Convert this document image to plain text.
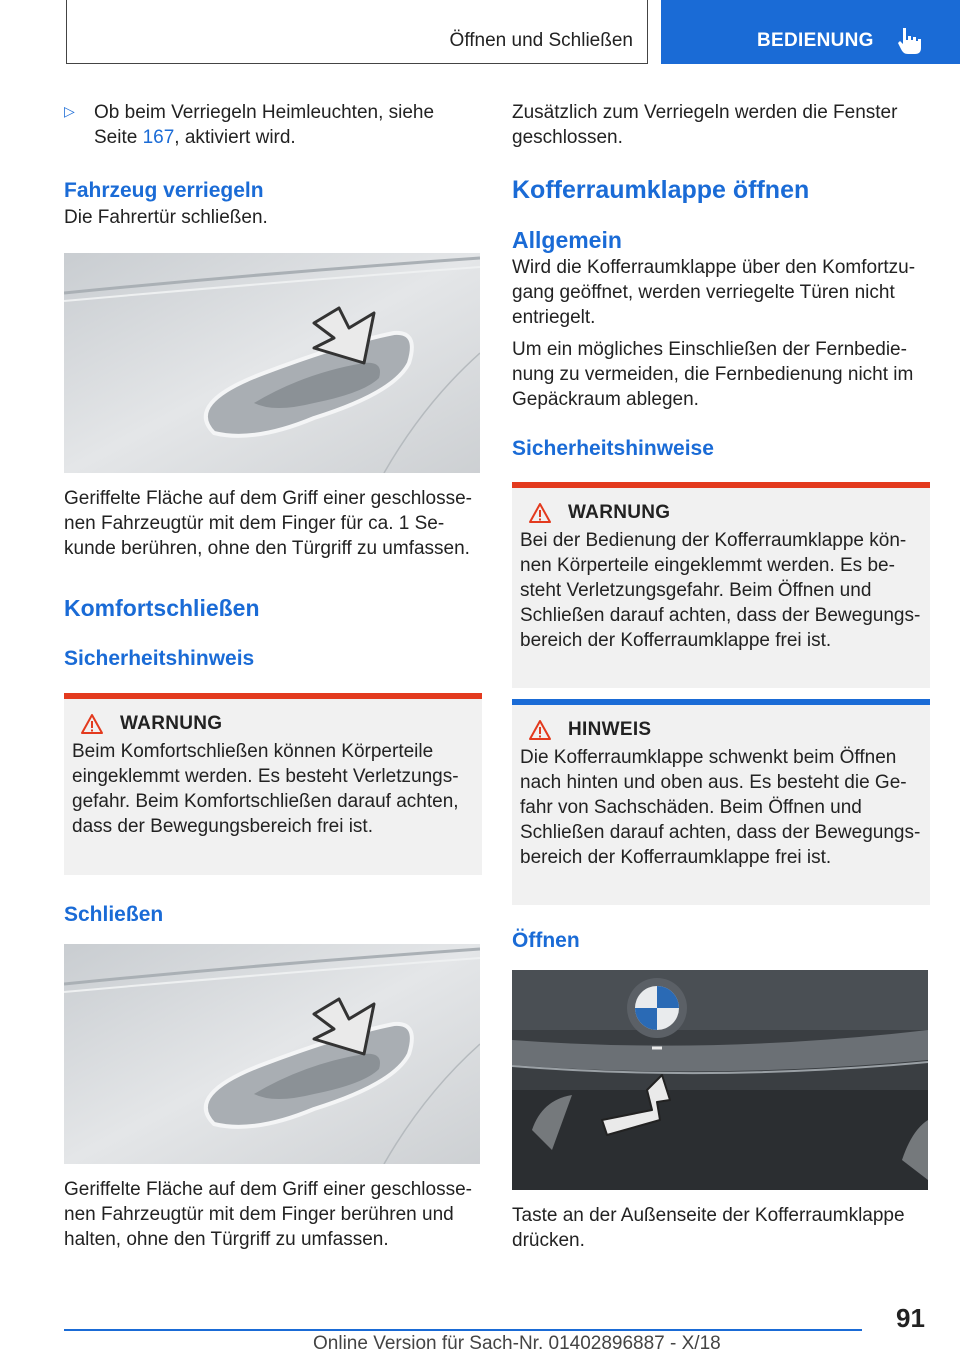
Öffnen und Schließen	BEDIENUNG
▷	Ob beim Verriegeln Heimleuchten, siehe
Seite 167, aktiviert wird.

Fahrzeug verriegeln

Die Fahrertür schließen.

Geriffelte Fläche auf dem Griff einer geschlosse-nen Fahrzeugtür mit dem Finger für ca. 1 Se-kunde berühren, ohne den Türgriff zu umfassen.

Komfortschließen
Sicherheitshinweis
WARNUNG

Beim Komfortschließen können Körperteile eingeklemmt werden. Es besteht Verletzungs-gefahr. Beim Komfortschließen darauf achten, dass der Bewegungsbereich frei ist.

Schließen

Geriffelte Fläche auf dem Griff einer geschlosse-nen Fahrzeugtür mit dem Finger berühren und halten, ohne den Türgriff zu umfassen.

Zusätzlich zum Verriegeln werden die Fenster geschlossen.

Kofferraumklappe öffnen
Allgemein

Wird die Kofferraumklappe über den Komfortzu-gang geöffnet, werden verriegelte Türen nicht entriegelt.

Um ein mögliches Einschließen der Fernbedie-nung zu vermeiden, die Fernbedienung nicht im Gepäckraum ablegen.

Sicherheitshinweise
WARNUNG

Bei der Bedienung der Kofferraumklappe kön-nen Körperteile eingeklemmt werden. Es be-steht Verletzungsgefahr. Beim Öffnen und Schließen darauf achten, dass der Bewegungs-bereich der Kofferraumklappe frei ist.

HINWEIS

Die Kofferraumklappe schwenkt beim Öffnen nach hinten und oben aus. Es besteht die Ge-fahr von Sachschäden. Beim Öffnen und Schließen darauf achten, dass der Bewegungs-bereich der Kofferraumklappe frei ist.

Öffnen

Taste an der Außenseite der Kofferraumklappe drücken.

91
Online Version für Sach-Nr. 01402896887 - X/18
